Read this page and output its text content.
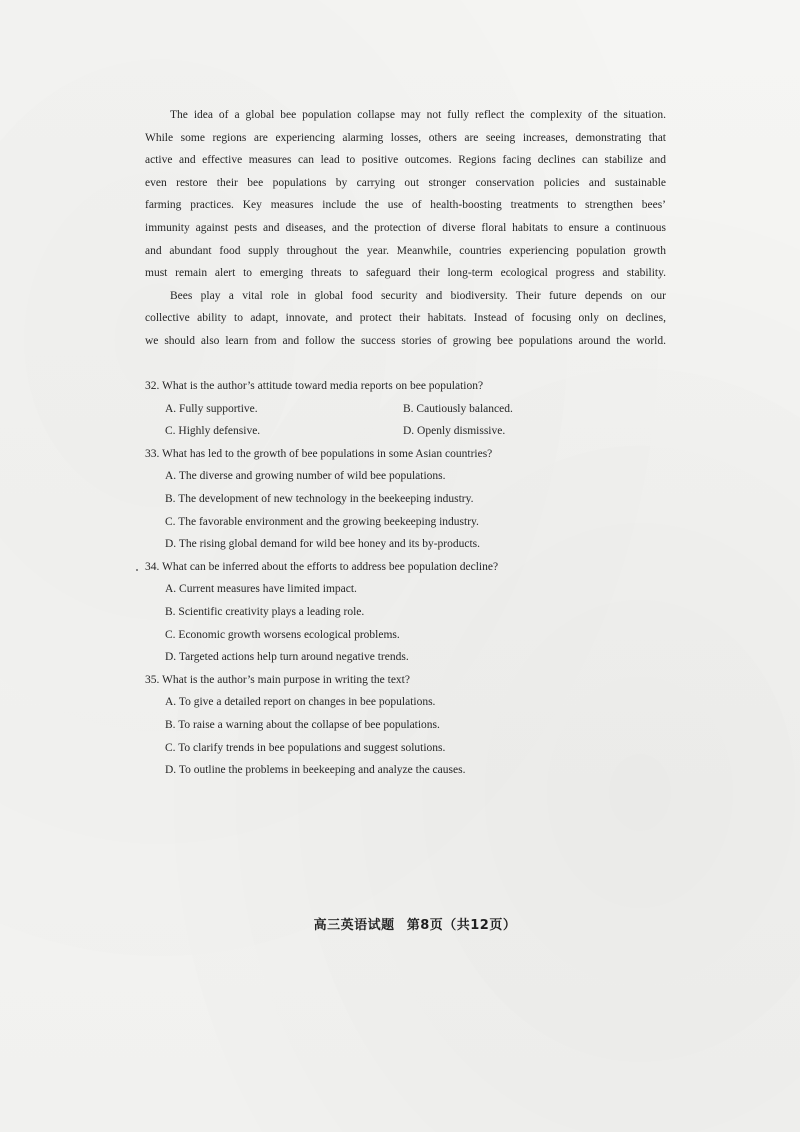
The idea of a global bee population collapse may not fully reflect the complexity of the situation.
While some regions are experiencing alarming losses, others are seeing increases, demonstrating that
active and effective measures can lead to positive outcomes. Regions facing declines can stabilize and
even restore their bee populations by carrying out stronger conservation policies and sustainable
farming practices. Key measures include the use of health-boosting treatments to strengthen bees’
immunity against pests and diseases, and the protection of diverse floral habitats to ensure a continuous
and abundant food supply throughout the year. Meanwhile, countries experiencing population growth
must remain alert to emerging threats to safeguard their long-term ecological progress and stability.
Bees play a vital role in global food security and biodiversity. Their future depends on our
collective ability to adapt, innovate, and protect their habitats. Instead of focusing only on declines,
we should also learn from and follow the success stories of growing bee populations around the world.
32. What is the author’s attitude toward media reports on bee population?
A. Fully supportive.	B. Cautiously balanced.
C. Highly defensive.	D. Openly dismissive.
33. What has led to the growth of bee populations in some Asian countries?
A. The diverse and growing number of wild bee populations.
B. The development of new technology in the beekeeping industry.
C. The favorable environment and the growing beekeeping industry.
D. The rising global demand for wild bee honey and its by-products.
34. What can be inferred about the efforts to address bee population decline?
A. Current measures have limited impact.
B. Scientific creativity plays a leading role.
C. Economic growth worsens ecological problems.
D. Targeted actions help turn around negative trends.
35. What is the author’s main purpose in writing the text?
A. To give a detailed report on changes in bee populations.
B. To raise a warning about the collapse of bee populations.
C. To clarify trends in bee populations and suggest solutions.
D. To outline the problems in beekeeping and analyze the causes.
高三英语试题 第8页（共12页）
